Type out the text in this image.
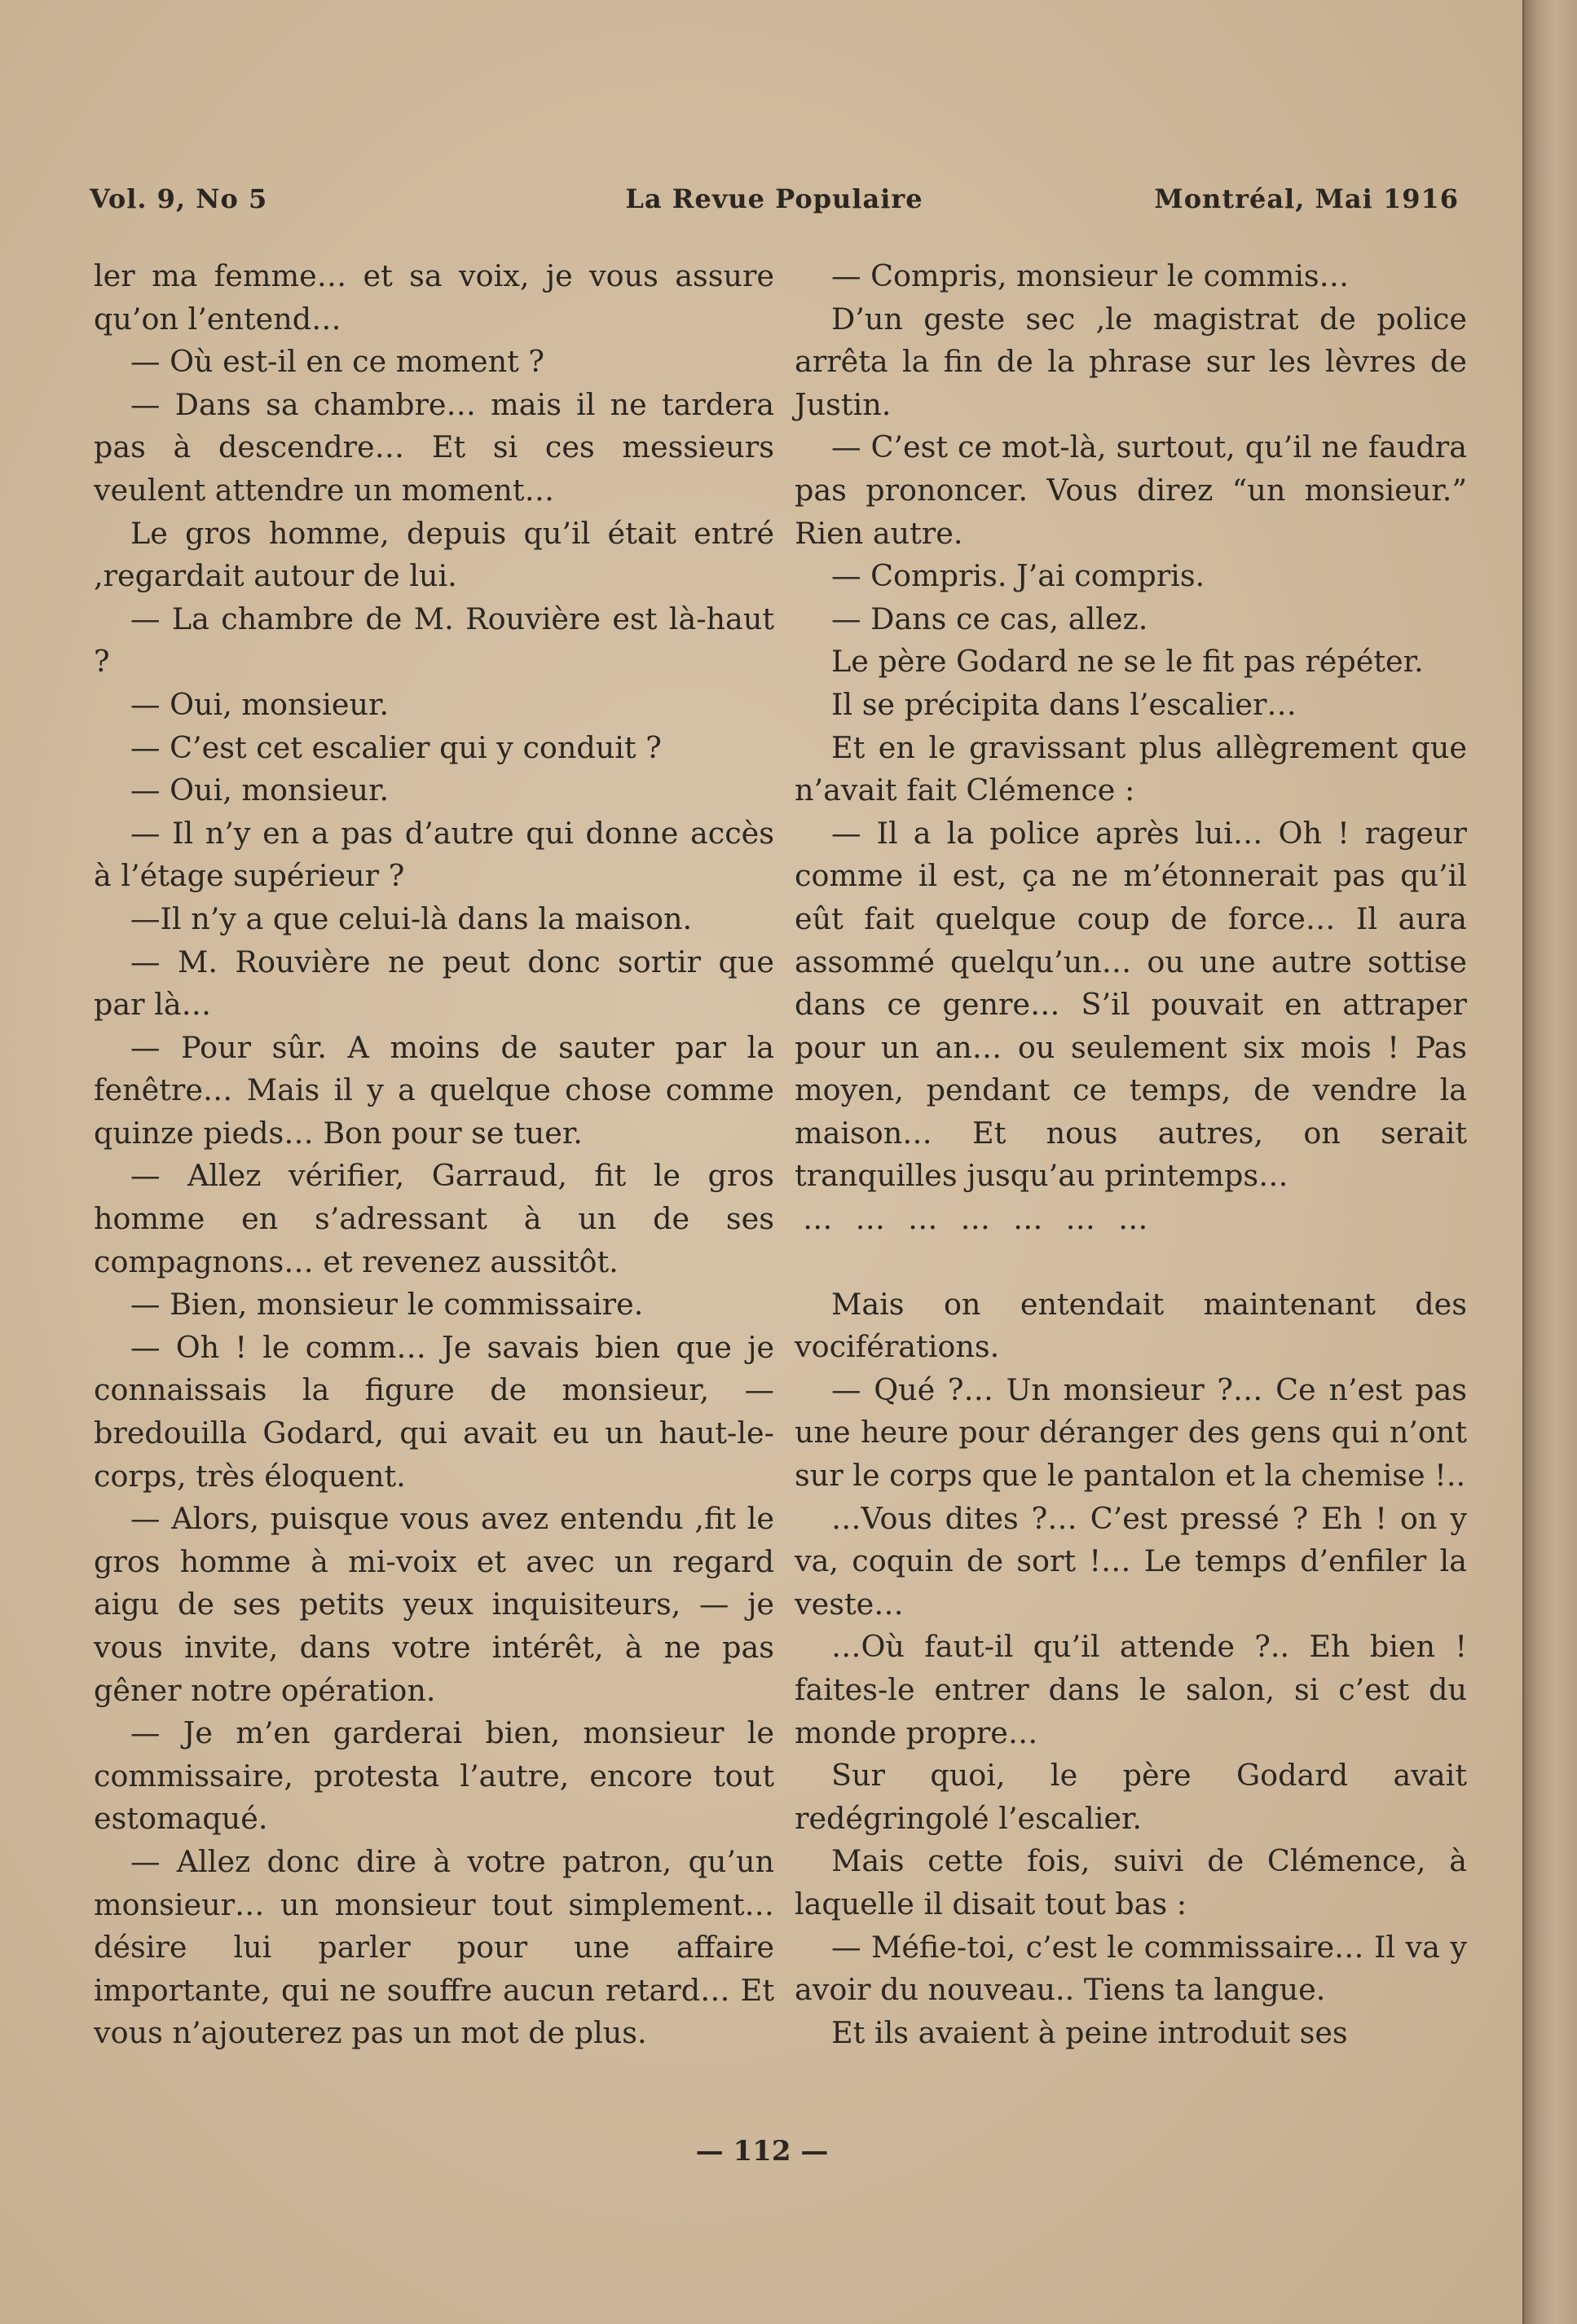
Vol. 9, No 5	La Revue Populaire	Montréal, Mai 1916

ler ma femme… et sa voix, je vous assure qu’on l’entend…

— Où est-il en ce moment ?

— Dans sa chambre… mais il ne tardera pas à descendre… Et si ces messieurs veulent attendre un moment…

Le gros homme, depuis qu’il était entré ,regardait autour de lui.

— La chambre de M. Rouvière est là-haut ?

— Oui, monsieur.

— C’est cet escalier qui y conduit ?

— Oui, monsieur.

— Il n’y en a pas d’autre qui donne accès à l’étage supérieur ?

—Il n’y a que celui-là dans la maison.

— M. Rouvière ne peut donc sortir que par là…

— Pour sûr. A moins de sauter par la fenêtre… Mais il y a quelque chose comme quinze pieds… Bon pour se tuer.

— Allez vérifier, Garraud, fit le gros homme en s’adressant à un de ses compagnons… et revenez aussitôt.

— Bien, monsieur le commissaire.

— Oh ! le comm… Je savais bien que je connaissais la figure de monsieur, — bredouilla Godard, qui avait eu un haut-le-corps, très éloquent.

— Alors, puisque vous avez entendu ,fit le gros homme à mi-voix et avec un regard aigu de ses petits yeux inquisiteurs, — je vous invite, dans votre intérêt, à ne pas gêner notre opération.

— Je m’en garderai bien, monsieur le commissaire, protesta l’autre, encore tout estomaqué.

— Allez donc dire à votre patron, qu’un monsieur… un monsieur tout simplement… désire lui parler pour une affaire importante, qui ne souffre aucun retard… Et vous n’ajouterez pas un mot de plus.

— Compris, monsieur le commis…

D’un geste sec ,le magistrat de police arrêta la fin de la phrase sur les lèvres de Justin.

— C’est ce mot-là, surtout, qu’il ne faudra pas prononcer. Vous direz “un monsieur.” Rien autre.

— Compris. J’ai compris.

— Dans ce cas, allez.

Le père Godard ne se le fit pas répéter.

Il se précipita dans l’escalier…

Et en le gravissant plus allègrement que n’avait fait Clémence :

— Il a la police après lui… Oh ! rageur comme il est, ça ne m’étonnerait pas qu’il eût fait quelque coup de force… Il aura assommé quelqu’un… ou une autre sottise dans ce genre… S’il pouvait en attraper pour un an… ou seulement six mois ! Pas moyen, pendant ce temps, de vendre la maison… Et nous autres, on serait tranquilles jusqu’au printemps…

…………………

Mais on entendait maintenant des vociférations.

— Qué ?… Un monsieur ?… Ce n’est pas une heure pour déranger des gens qui n’ont sur le corps que le pantalon et la chemise !..

…Vous dites ?… C’est pressé ? Eh ! on y va, coquin de sort !… Le temps d’enfiler la veste…

…Où faut-il qu’il attende ?.. Eh bien ! faites-le entrer dans le salon, si c’est du monde propre…

Sur quoi, le père Godard avait redégringolé l’escalier.

Mais cette fois, suivi de Clémence, à laquelle il disait tout bas :

— Méfie-toi, c’est le commissaire… Il va y avoir du nouveau.. Tiens ta langue.

Et ils avaient à peine introduit ses

— 112 —
